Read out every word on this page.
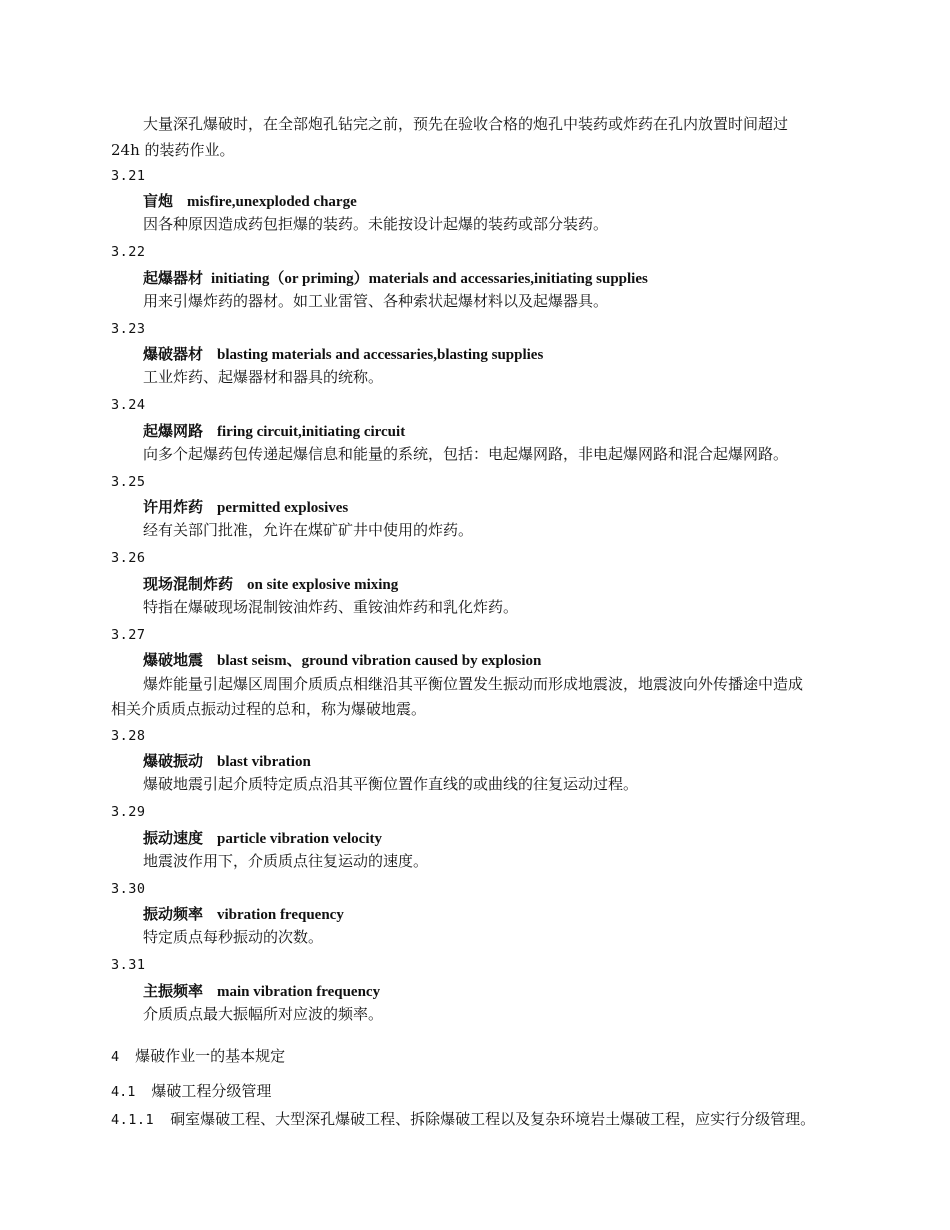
大量深孔爆破时，在全部炮孔钻完之前，预先在验收合格的炮孔中装药或炸药在孔内放置时间超过
24h 的装药作业。
3.21
盲炮 misfire,unexploded charge
因各种原因造成药包拒爆的装药。未能按设计起爆的装药或部分装药。
3.22
起爆器材 initiating（or priming）materials and accessaries,initiating supplies
用来引爆炸药的器材。如工业雷管、各种索状起爆材料以及起爆器具。
3.23
爆破器材 blasting materials and accessaries,blasting supplies
工业炸药、起爆器材和器具的统称。
3.24
起爆网路 firing circuit,initiating circuit
向多个起爆药包传递起爆信息和能量的系统，包括：电起爆网路，非电起爆网路和混合起爆网路。
3.25
许用炸药 permitted explosives
经有关部门批准，允许在煤矿矿井中使用的炸药。
3.26
现场混制炸药 on site explosive mixing
特指在爆破现场混制铵油炸药、重铵油炸药和乳化炸药。
3.27
爆破地震 blast seism、ground vibration caused by explosion
爆炸能量引起爆区周围介质质点相继沿其平衡位置发生振动而形成地震波，地震波向外传播途中造成
相关介质质点振动过程的总和，称为爆破地震。
3.28
爆破振动 blast vibration
爆破地震引起介质特定质点沿其平衡位置作直线的或曲线的往复运动过程。
3.29
振动速度 particle vibration velocity
地震波作用下，介质质点往复运动的速度。
3.30
振动频率 vibration frequency
特定质点每秒振动的次数。
3.31
主振频率 main vibration frequency
介质质点最大振幅所对应波的频率。
4 爆破作业一的基本规定
4.1 爆破工程分级管理
4.1.1 硐室爆破工程、大型深孔爆破工程、拆除爆破工程以及复杂环境岩土爆破工程，应实行分级管理。
